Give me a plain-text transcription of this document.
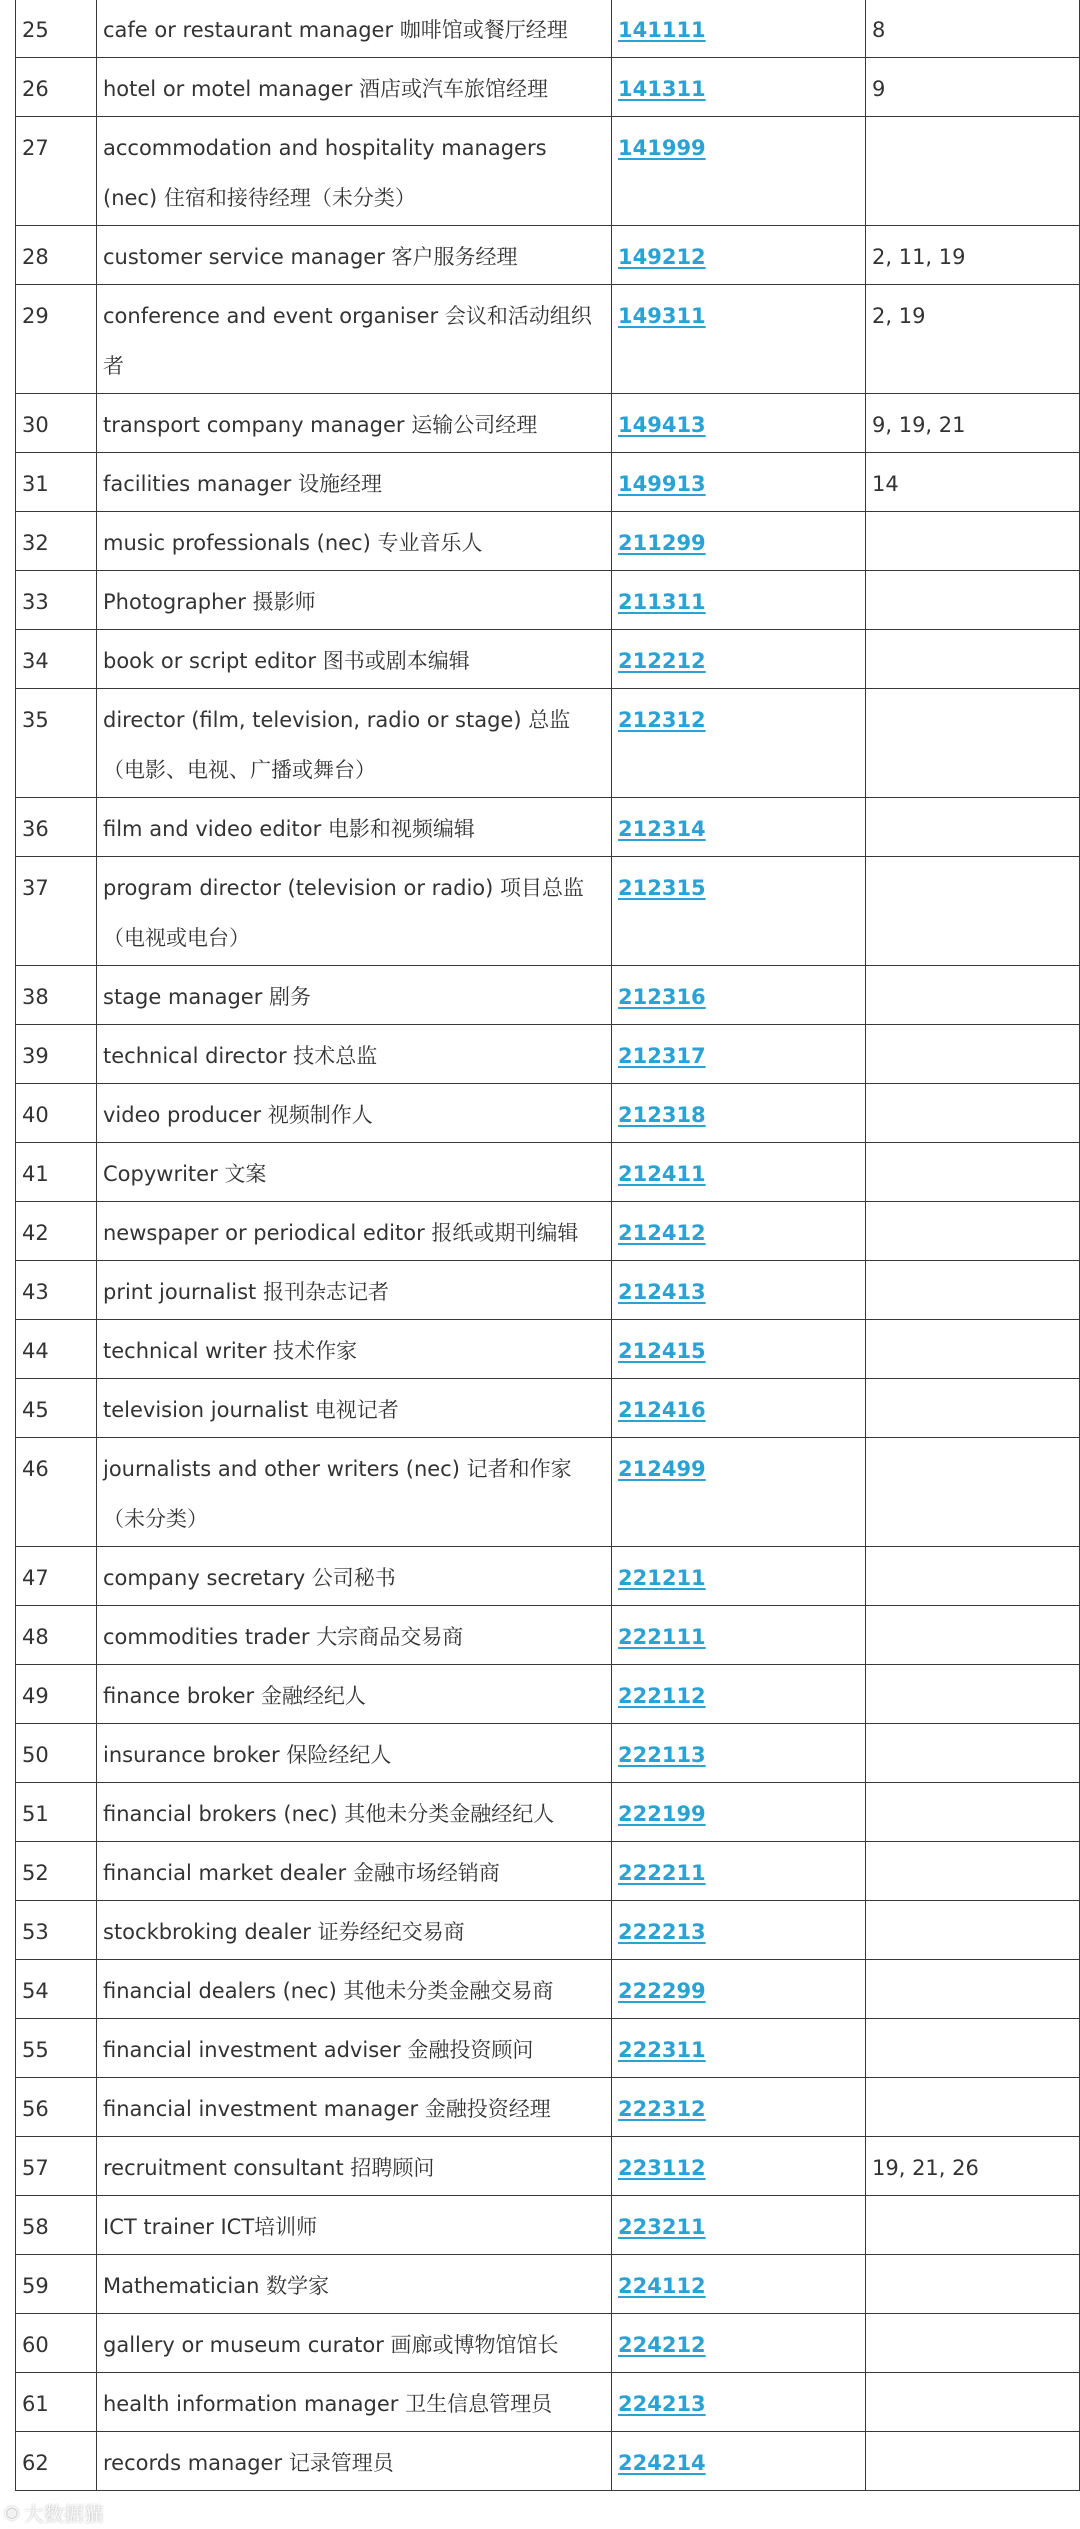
25	cafe or restaurant manager 咖啡馆或餐厅经理	141111	8
26	hotel or motel manager 酒店或汽车旅馆经理	141311	9
27	accommodation and hospitality managers (nec) 住宿和接待经理（未分类）	141999	
28	customer service manager 客户服务经理	149212	2, 11, 19
29	conference and event organiser 会议和活动组织者	149311	2, 19
30	transport company manager 运输公司经理	149413	9, 19, 21
31	facilities manager 设施经理	149913	14
32	music professionals (nec) 专业音乐人	211299	
33	Photographer 摄影师	211311	
34	book or script editor 图书或剧本编辑	212212	
35	director (film, television, radio or stage) 总监（电影、电视、广播或舞台）	212312	
36	film and video editor 电影和视频编辑	212314	
37	program director (television or radio) 项目总监（电视或电台）	212315	
38	stage manager 剧务	212316	
39	technical director 技术总监	212317	
40	video producer 视频制作人	212318	
41	Copywriter 文案	212411	
42	newspaper or periodical editor 报纸或期刊编辑	212412	
43	print journalist 报刊杂志记者	212413	
44	technical writer 技术作家	212415	
45	television journalist 电视记者	212416	
46	journalists and other writers (nec) 记者和作家（未分类）	212499	
47	company secretary 公司秘书	221211	
48	commodities trader 大宗商品交易商	222111	
49	finance broker 金融经纪人	222112	
50	insurance broker 保险经纪人	222113	
51	financial brokers (nec) 其他未分类金融经纪人	222199	
52	financial market dealer 金融市场经销商	222211	
53	stockbroking dealer 证券经纪交易商	222213	
54	financial dealers (nec) 其他未分类金融交易商	222299	
55	financial investment adviser 金融投资顾问	222311	
56	financial investment manager 金融投资经理	222312	
57	recruitment consultant 招聘顾问	223112	19, 21, 26
58	ICT trainer ICT培训师	223211	
59	Mathematician 数学家	224112	
60	gallery or museum curator 画廊或博物馆馆长	224212	
61	health information manager 卫生信息管理员	224213	
62	records manager 记录管理员	224214	
◉ 大数据猫
